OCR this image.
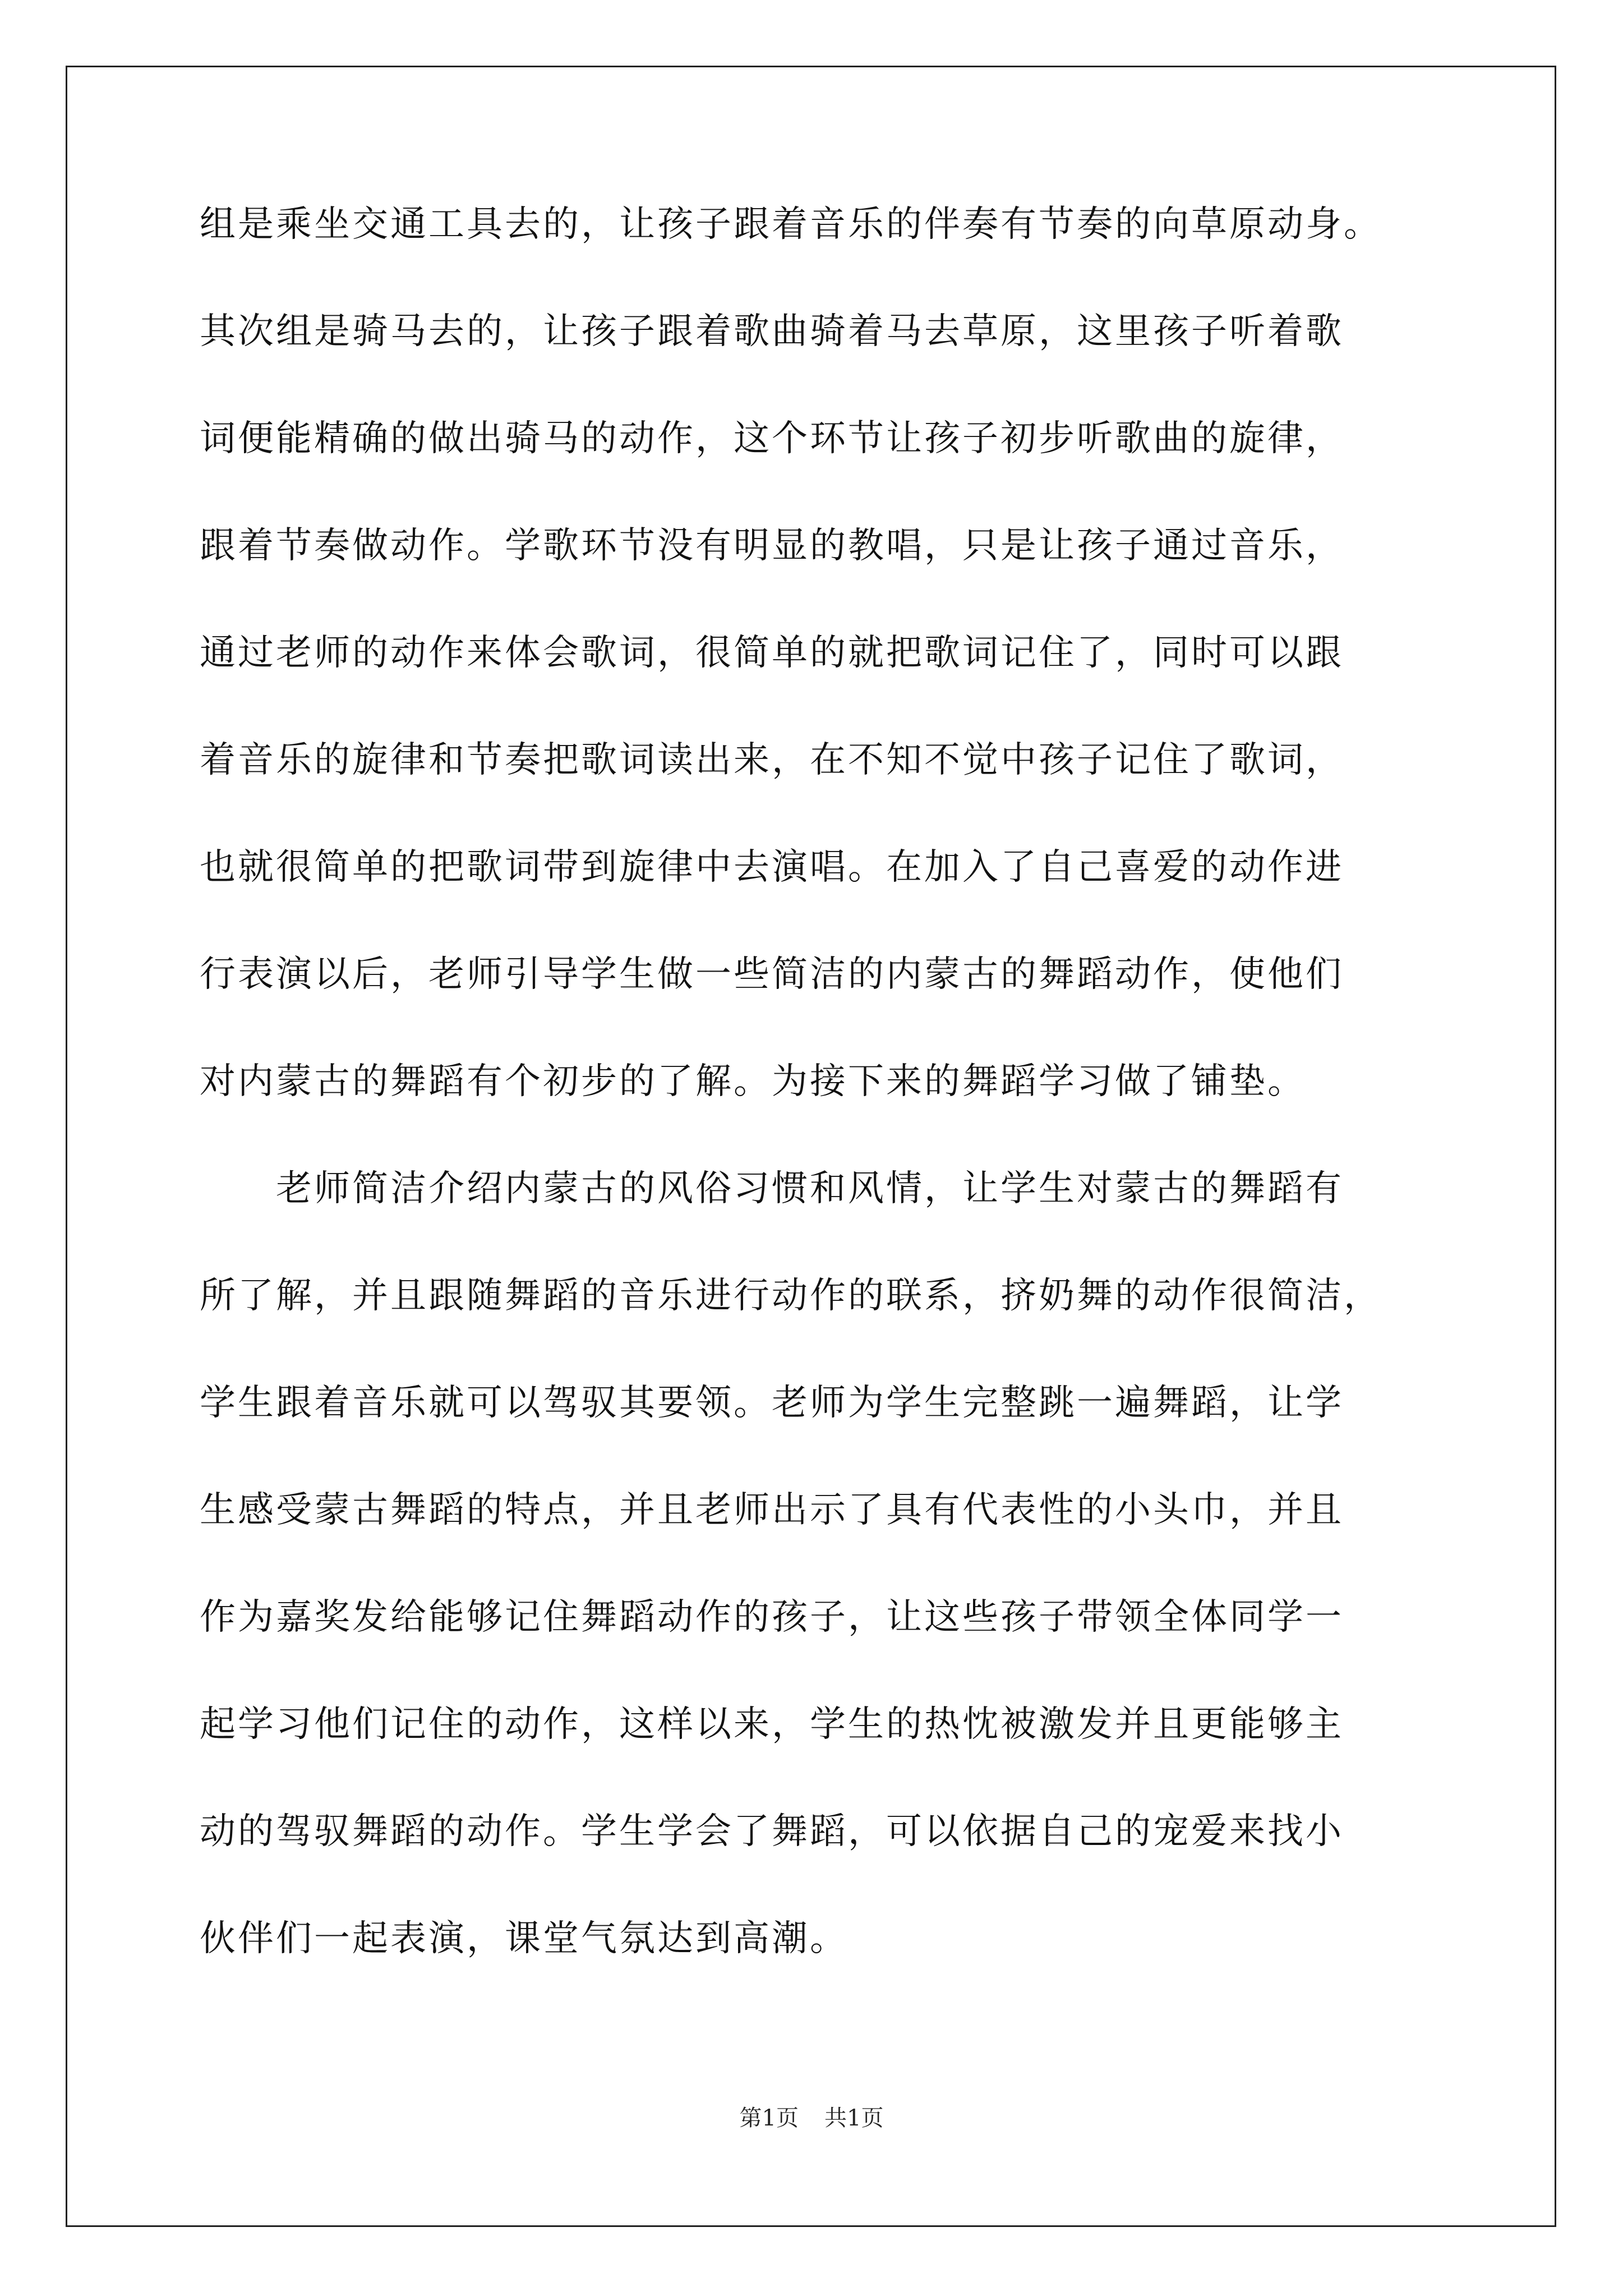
组是乘坐交通工具去的，让孩子跟着音乐的伴奏有节奏的向草原动身。
其次组是骑马去的，让孩子跟着歌曲骑着马去草原，这里孩子听着歌
词便能精确的做出骑马的动作，这个环节让孩子初步听歌曲的旋律，
跟着节奏做动作。学歌环节没有明显的教唱，只是让孩子通过音乐，
通过老师的动作来体会歌词，很简单的就把歌词记住了，同时可以跟
着音乐的旋律和节奏把歌词读出来，在不知不觉中孩子记住了歌词，
也就很简单的把歌词带到旋律中去演唱。在加入了自己喜爱的动作进
行表演以后，老师引导学生做一些简洁的内蒙古的舞蹈动作，使他们
对内蒙古的舞蹈有个初步的了解。为接下来的舞蹈学习做了铺垫。
　　老师简洁介绍内蒙古的风俗习惯和风情，让学生对蒙古的舞蹈有
所了解，并且跟随舞蹈的音乐进行动作的联系，挤奶舞的动作很简洁，
学生跟着音乐就可以驾驭其要领。老师为学生完整跳一遍舞蹈，让学
生感受蒙古舞蹈的特点，并且老师出示了具有代表性的小头巾，并且
作为嘉奖发给能够记住舞蹈动作的孩子，让这些孩子带领全体同学一
起学习他们记住的动作，这样以来，学生的热忱被激发并且更能够主
动的驾驭舞蹈的动作。学生学会了舞蹈，可以依据自己的宠爱来找小
伙伴们一起表演，课堂气氛达到高潮。
第1页 共1页
